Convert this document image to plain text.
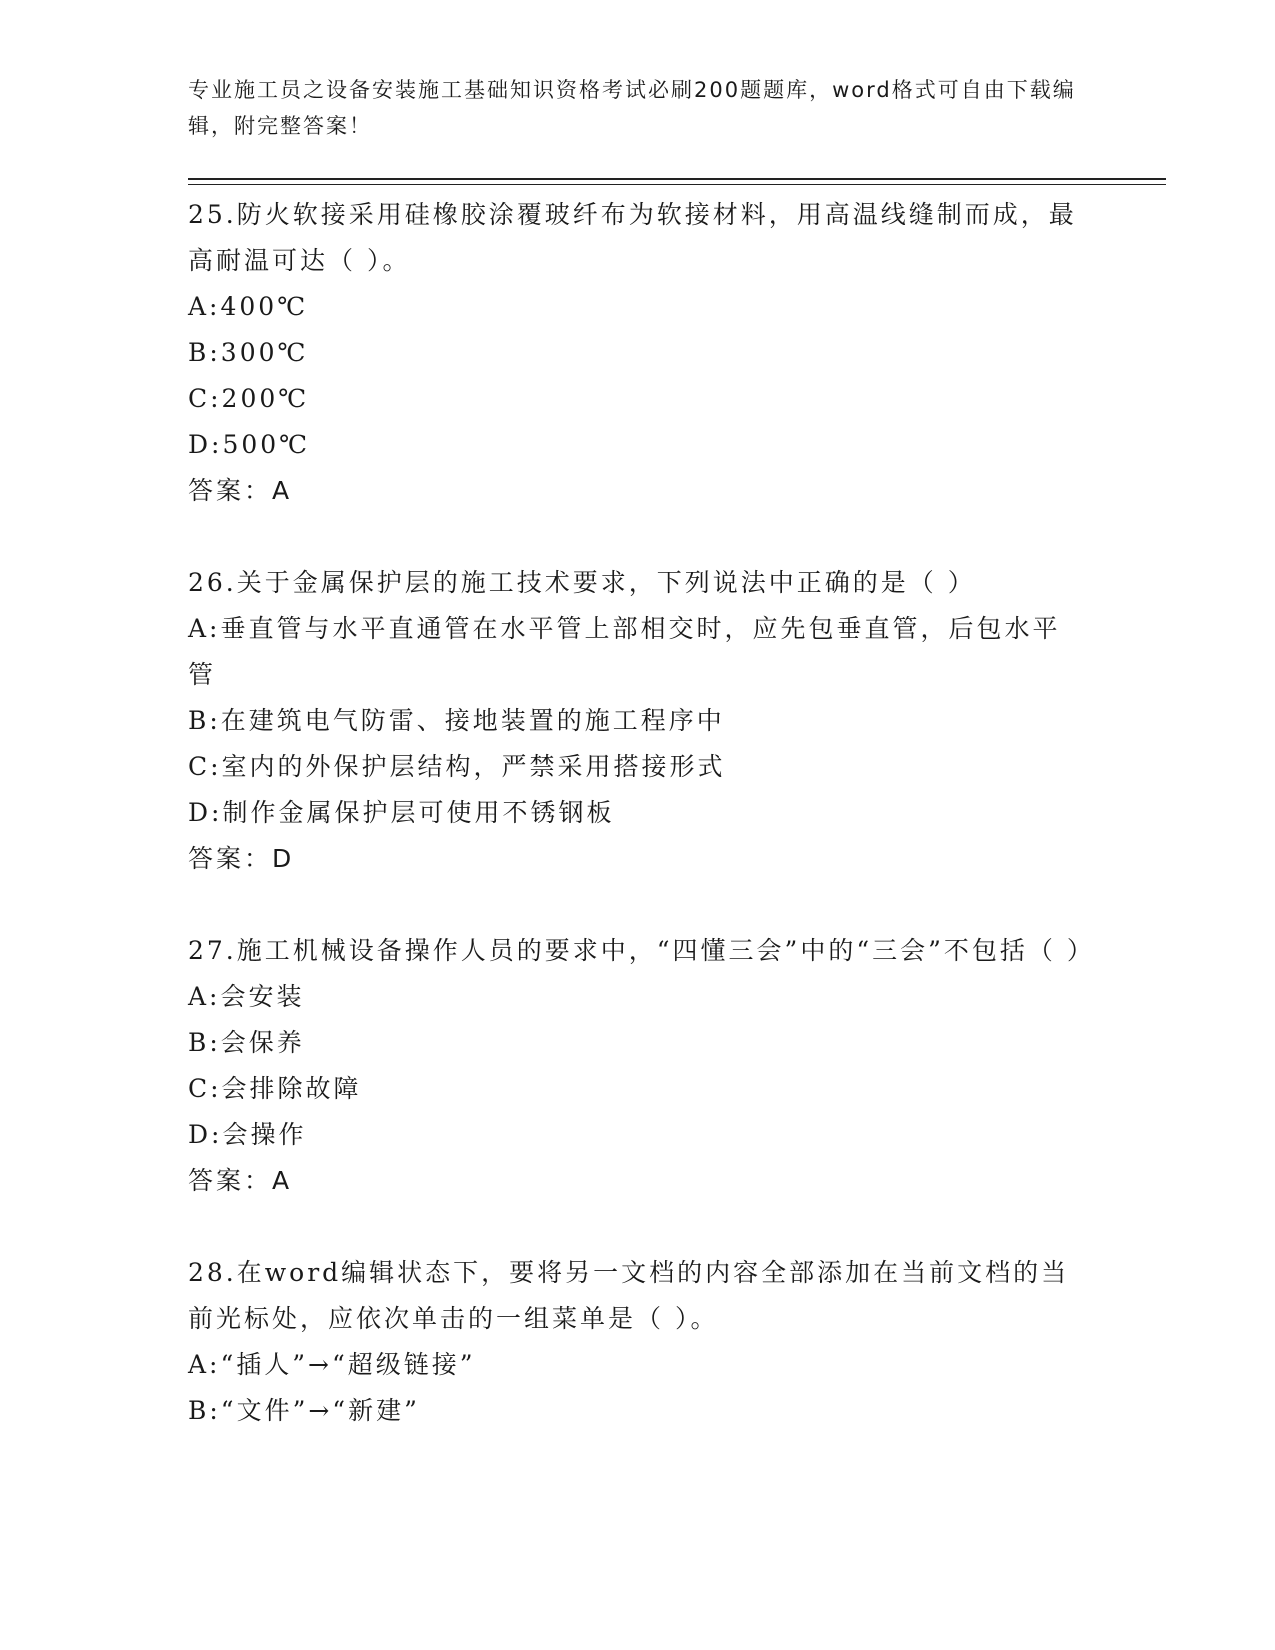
专业施工员之设备安装施工基础知识资格考试必刷200题题库，word格式可自由下载编辑，附完整答案！
25.防火软接采用硅橡胶涂覆玻纤布为软接材料，用高温线缝制而成，最高耐温可达（ ）。
A:400℃
B:300℃
C:200℃
D:500℃
答案：A
26.关于金属保护层的施工技术要求，下列说法中正确的是（ ）
A:垂直管与水平直通管在水平管上部相交时，应先包垂直管，后包水平管
B:在建筑电气防雷、接地装置的施工程序中
C:室内的外保护层结构，严禁采用搭接形式
D:制作金属保护层可使用不锈钢板
答案：D
27.施工机械设备操作人员的要求中，“四懂三会”中的“三会”不包括（ ）
A:会安装
B:会保养
C:会排除故障
D:会操作
答案：A
28.在word编辑状态下，要将另一文档的内容全部添加在当前文档的当前光标处，应依次单击的一组菜单是（ ）。
A:“插人”→“超级链接”
B:“文件”→“新建”
